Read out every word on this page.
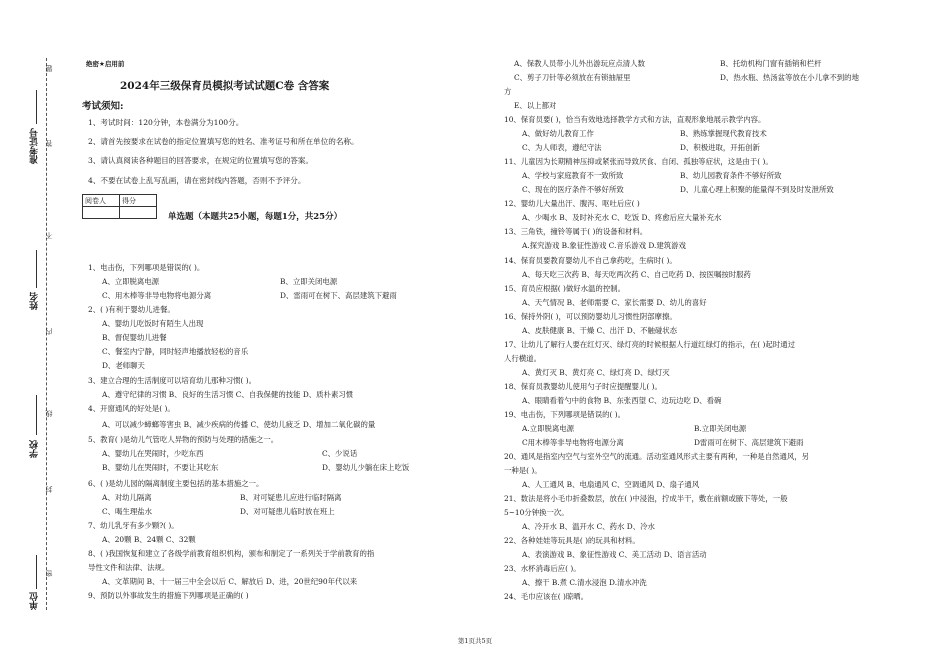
准考证号
姓名
学校
单位
题
答
不
内
线
封
密
绝密★启用前
2024年三级保育员模拟考试试题C卷 含答案
考试须知:
1、考试时间：120分钟，本卷满分为100分。
2、请首先按要求在试卷的指定位置填写您的姓名、准考证号和所在单位的名称。
3、请认真阅读各种题目的回答要求，在规定的位置填写您的答案。
4、不要在试卷上乱写乱画，请在密封线内答题，否则不予评分。
阅卷人	得分

单选题（本题共25小题，每题1分，共25分）
1、电击伤，下列哪项是错误的( )。
A、立即脱离电源	B、立即关闭电源
C、用木棒等非导电物将电源分离	D、雷雨可在树下、高层建筑下避雨
2、( )有利于婴幼儿进餐。
A、婴幼儿吃饭时有陌生人出现
B、督促婴幼儿进餐
C、餐室内宁静，同时轻声地播放轻松的音乐
D、老师聊天
3、建立合理的生活制度可以培育幼儿那种习惯( )。
A、遵守纪律的习惯 B、良好的生活习惯 C、自我保健的技能 D、质朴素习惯
4、开窗通风的好处是( )。
A、可以减少蟑螂等害虫 B、减少疾病的传播 C、使幼儿疲乏 D、增加二氧化碳的量
5、教育( )是幼儿气管吃人异物的预防与处理的措施之一。
A、婴幼儿在哭闹时，少吃东西	C、少说话
B、婴幼儿在哭闹时，不要让其吃东	D、婴幼儿少躺在床上吃饭
6、( )是幼儿园的隔离制度主要包括的基本措施之一。
A、对幼儿隔离	B、对可疑患儿应进行临时隔离
C、喝生理盐水	D、对可疑患儿临时放在班上
7、幼儿乳牙有多少颗?( )。
A、20颗 B、24颗 C、32颗
8、( )我国恢复和建立了各级学前教育组织机构，颁布和制定了一系列关于学前教育的指
导性文件和法律、法规。
A、文革期间 B、十一届三中全会以后 C、解放后 D、进，20世纪90年代以来
9、预防以外事故发生的措施下列哪项是正确的( )
A、保教人员带小儿外出游玩应点清人数	B、托幼机构门窗有插销和栏杆
C、剪子刀针等必须放在有锁抽屉里	D、热水瓶、热汤盆等放在小儿拿不到的地
方
E、以上都对
10、保育员要( )，恰当有效地选择教学方式和方法，直观形象地展示教学内容。
A、做好幼儿教育工作	B、熟练掌握现代教育技术
C、为人师表，遵纪守法	D、积极进取，开拓创新
11、儿童因为长期精神压抑或紧张而导致厌食、自闭、孤独等症状，这是由于( )。
A、学校与家庭教育不一致所致	B、幼儿园教育条件不够好所致
C、现在的医疗条件不够好所致	D、儿童心理上积聚的能量得不到及时发泄所致
12、婴幼儿大量出汗、腹泻、呕吐后应( )
A、少喝水 B、及时补充水 C、吃饭 D、疼愈后应大量补充水
13、三角铁，撞铃等属于( )的设备和材料。
A.探究游戏 B.象征性游戏 C.音乐游戏 D.建筑游戏
14、保育员要教育婴幼儿不自己拿药吃，生病时( )。
A、每天吃三次药 B、每天吃两次药 C、自己吃药 D、按医嘱按时服药
15、育员应根据( )做好水温的控制。
A、天气情况 B、老师需要 C、家长需要 D、幼儿的喜好
16、保持外阴( )，可以预防婴幼儿习惯性阴部摩擦。
A、皮肤健康 B、干燥 C、出汗 D、不触碰状态
17、让幼儿了解行人要在红灯灭、绿灯亮的时候根据人行道红绿灯的指示，在( )起时通过
人行横道。
A、黄灯灭 B、黄灯亮 C、绿灯亮 D、绿灯灭
18、保育员教婴幼儿使用勺子时应提醒婴儿( )。
A、眼睛看着勺中的食物 B、东张西望 C、边玩边吃 D、看碗
19、电击伤，下列哪项是错误的( )。
A.立即脱离电源	B.立即关闭电源
C用木棒等非导电物将电源分离	D雷雨可在树下、高层建筑下避雨
20、通风是指室内空气与室外空气的流通。活动室通风形式主要有两种，一种是自然通风，另
一种是( )。
A、人工通风 B、电扇通风 C、空调通风 D、扇子通风
21、数法是将小毛巾折叠数层，放在( )中浸泡，拧成半干，敷在前额或腋下等处，一般
5~10分钟换一次。
A、冷开水 B、温开水 C、药水 D、冷水
22、各种娃娃等玩具是( )的玩具和材料。
A、表演游戏 B、象征性游戏 C、美工活动 D、语言活动
23、水杯消毒后应( )。
A、擦干 B.煮 C.清水浸泡 D.清水冲洗
24、毛巾应该在( )晾晒。
第1页共5页
